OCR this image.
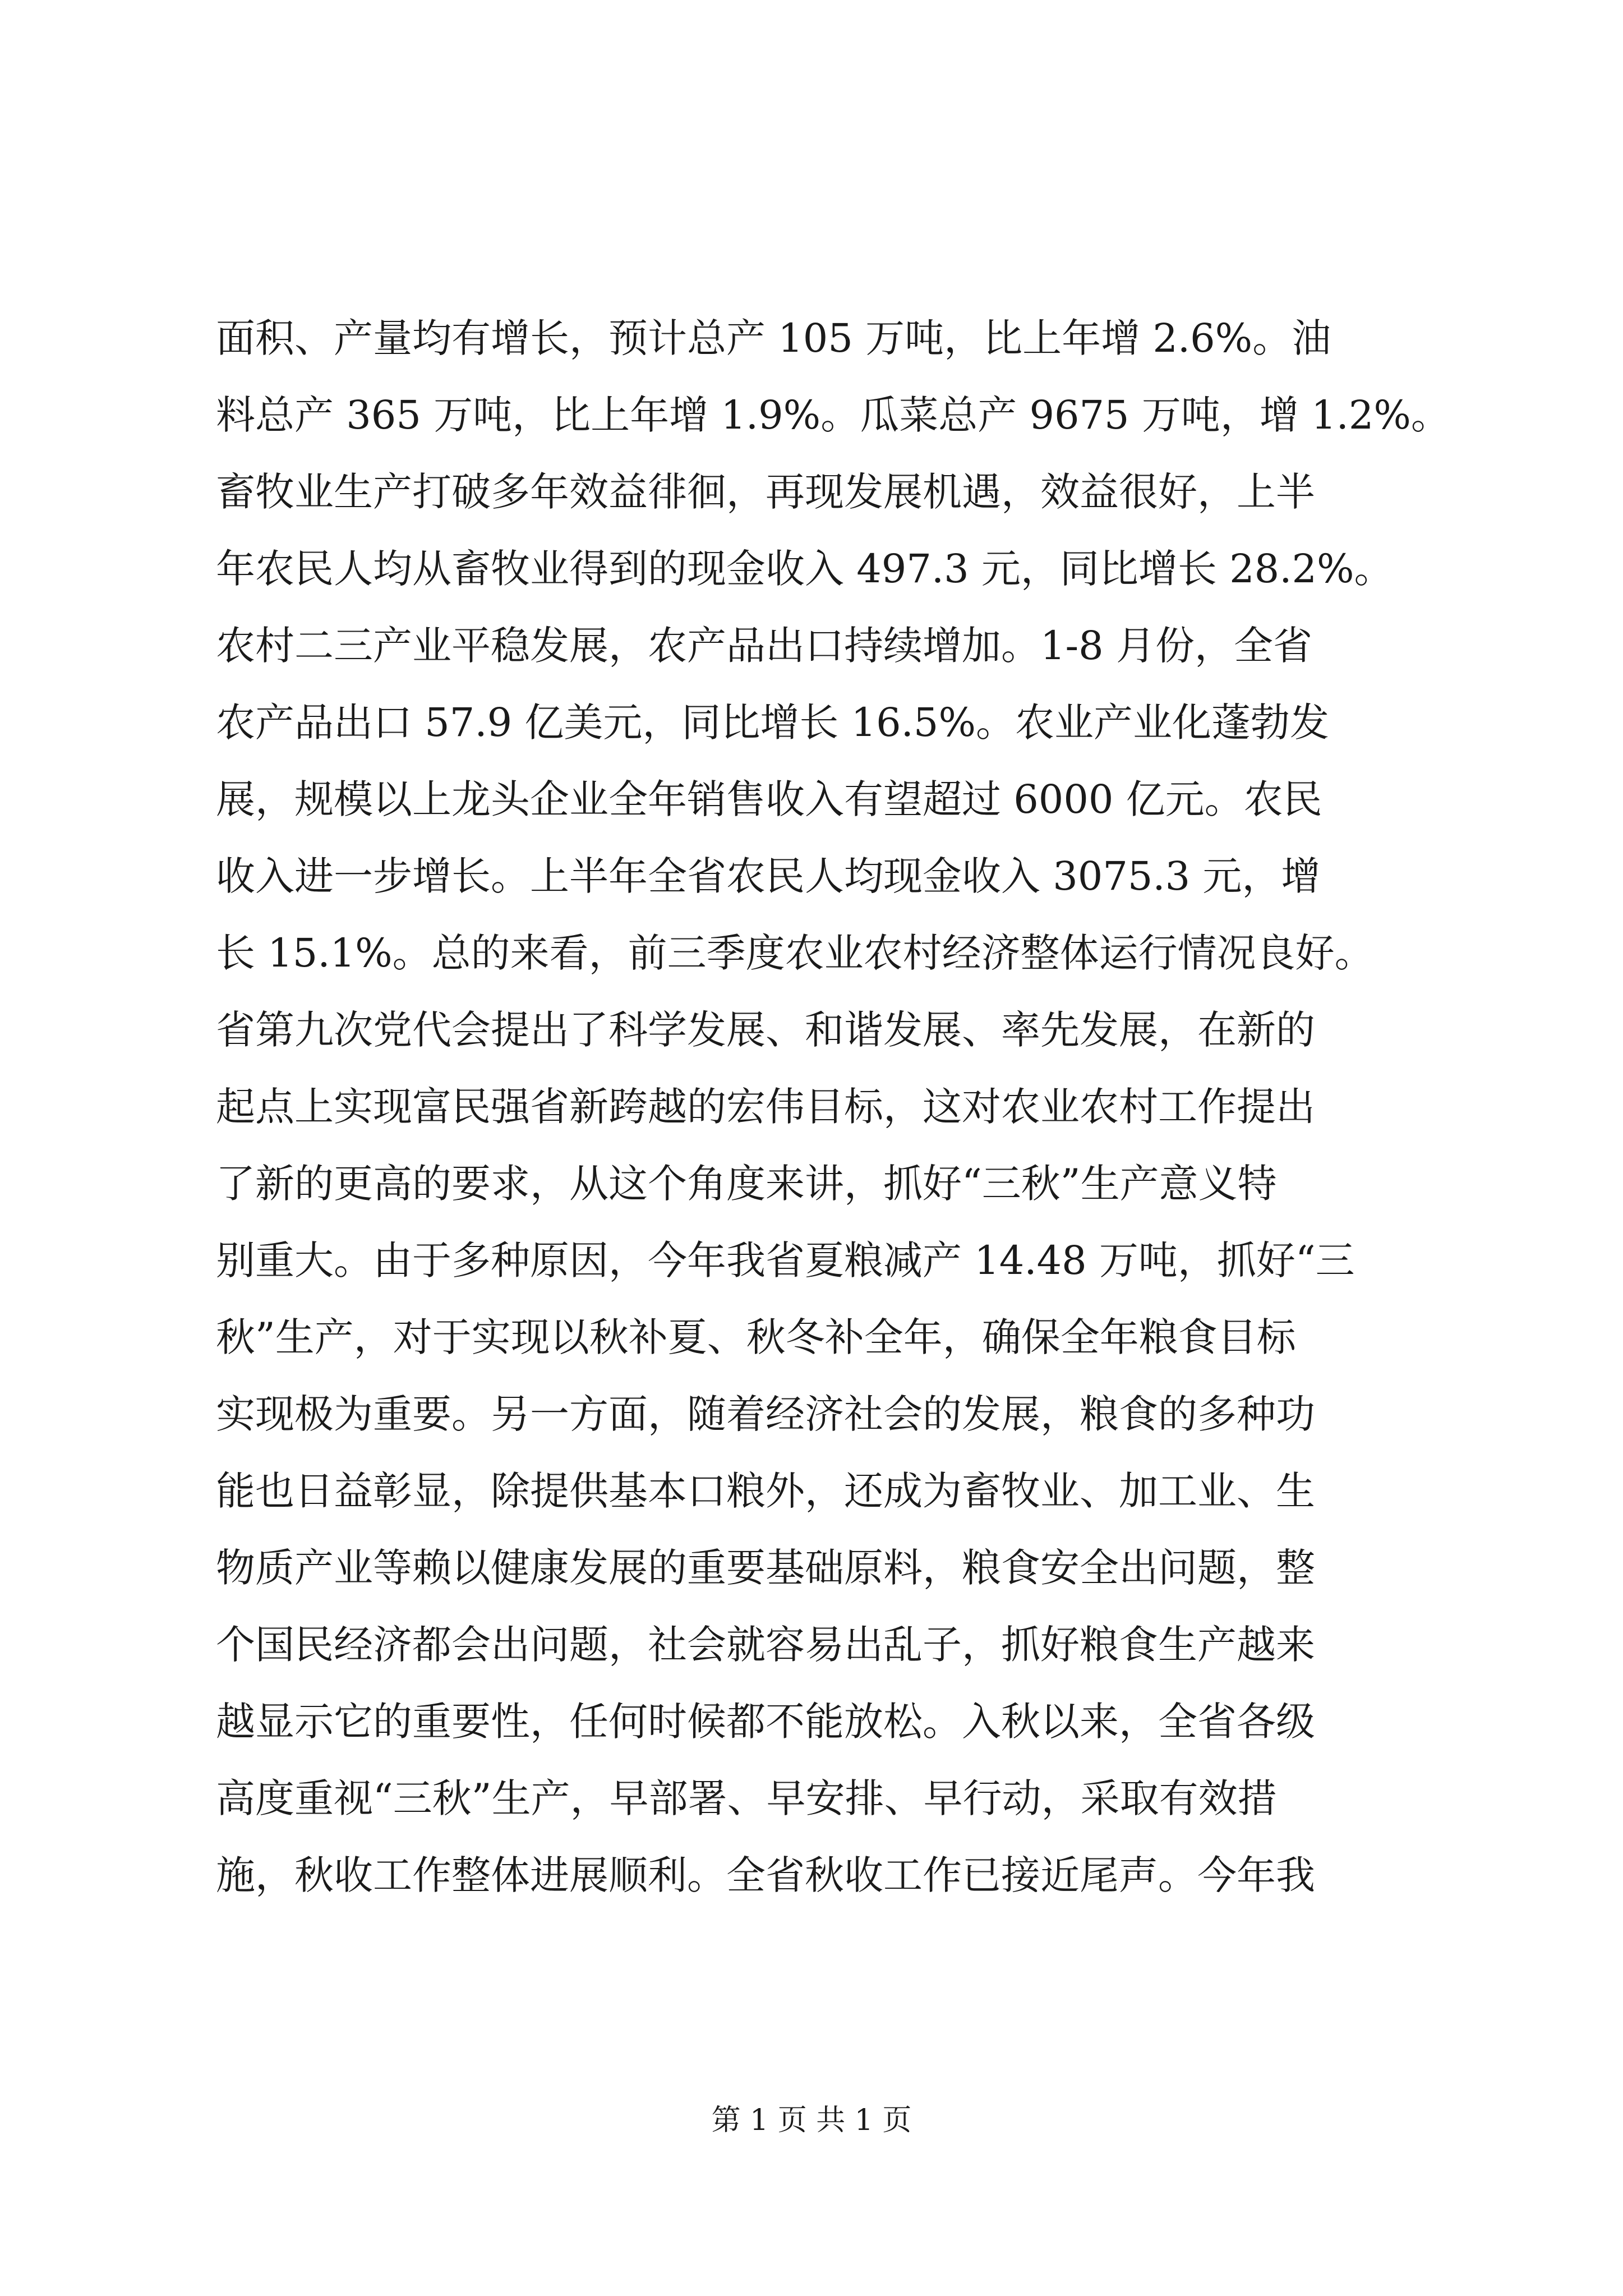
面积、产量均有增长，预计总产 105 万吨，比上年增 2.6%。油
料总产 365 万吨，比上年增 1.9%。瓜菜总产 9675 万吨，增 1.2%。
畜牧业生产打破多年效益徘徊，再现发展机遇，效益很好，上半
年农民人均从畜牧业得到的现金收入 497.3 元，同比增长 28.2%。
农村二三产业平稳发展，农产品出口持续增加。1-8 月份，全省
农产品出口 57.9 亿美元，同比增长 16.5%。农业产业化蓬勃发
展，规模以上龙头企业全年销售收入有望超过 6000 亿元。农民
收入进一步增长。上半年全省农民人均现金收入 3075.3 元，增
长 15.1%。总的来看，前三季度农业农村经济整体运行情况良好。
省第九次党代会提出了科学发展、和谐发展、率先发展，在新的
起点上实现富民强省新跨越的宏伟目标，这对农业农村工作提出
了新的更高的要求，从这个角度来讲，抓好“三秋”生产意义特
别重大。由于多种原因，今年我省夏粮减产 14.48 万吨，抓好“三
秋”生产，对于实现以秋补夏、秋冬补全年，确保全年粮食目标
实现极为重要。另一方面，随着经济社会的发展，粮食的多种功
能也日益彰显，除提供基本口粮外，还成为畜牧业、加工业、生
物质产业等赖以健康发展的重要基础原料，粮食安全出问题，整
个国民经济都会出问题，社会就容易出乱子，抓好粮食生产越来
越显示它的重要性，任何时候都不能放松。入秋以来，全省各级
高度重视“三秋”生产，早部署、早安排、早行动，采取有效措
施，秋收工作整体进展顺利。全省秋收工作已接近尾声。今年我
第 1 页 共 1 页
